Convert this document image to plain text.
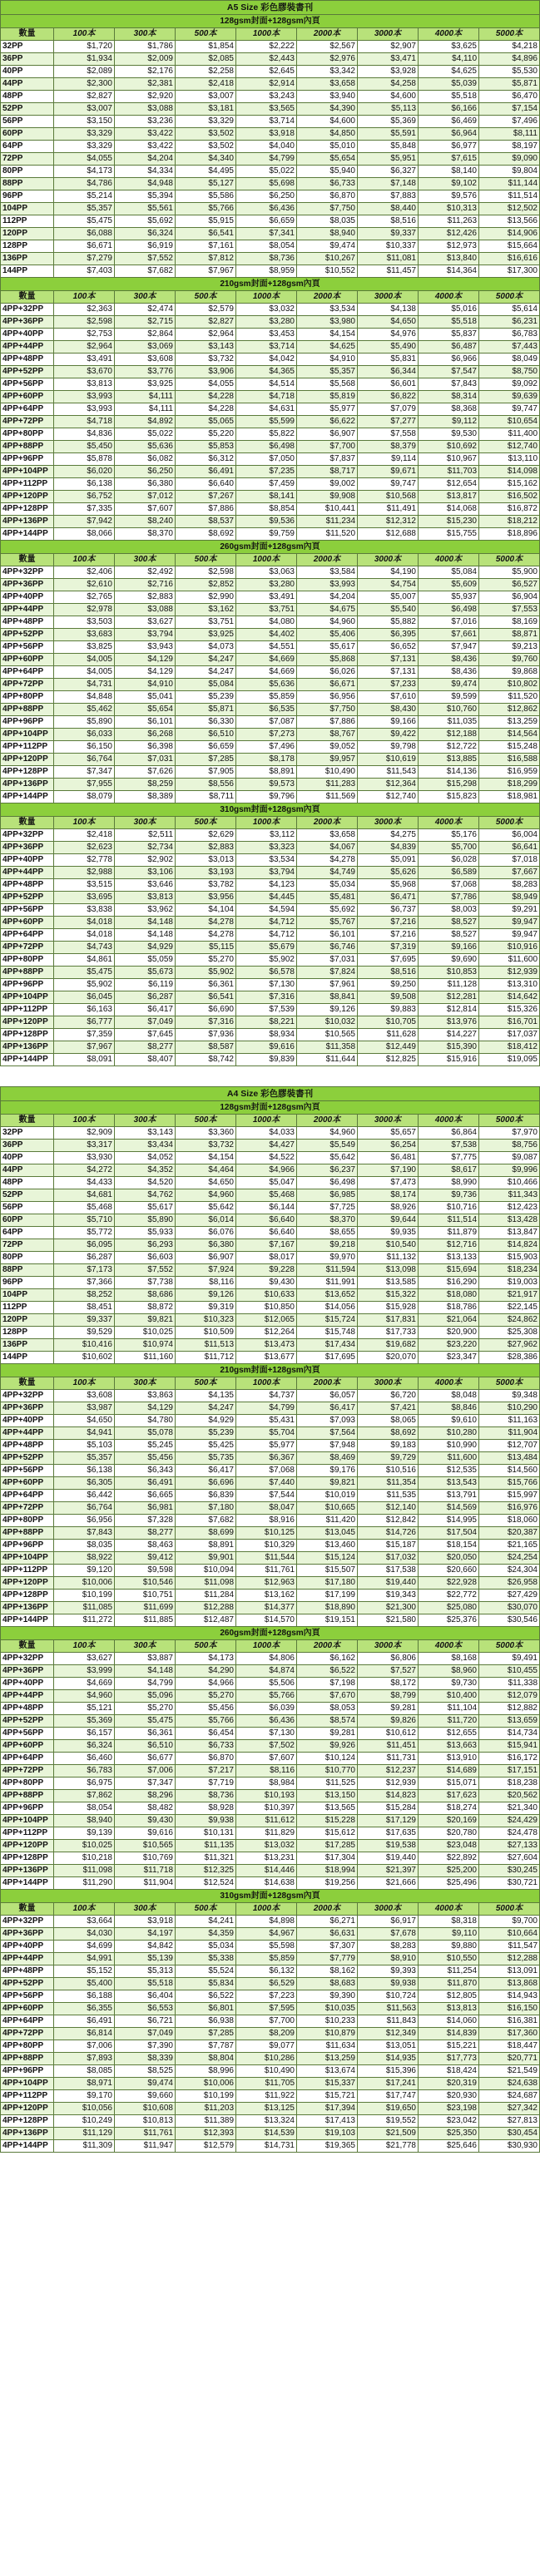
A5 Size 彩色膠裝書刊								
128gsm封面+128gsm內頁								
數量	100本	300本	500本	1000本	2000本	3000本	4000本	5000本
32PP	$1,720	$1,786	$1,854	$2,222	$2,567	$2,907	$3,625	$4,218
36PP	$1,934	$2,009	$2,085	$2,443	$2,976	$3,471	$4,110	$4,896
40PP	$2,089	$2,176	$2,258	$2,645	$3,342	$3,928	$4,625	$5,530
44PP	$2,300	$2,381	$2,418	$2,914	$3,658	$4,258	$5,039	$5,871
48PP	$2,827	$2,920	$3,007	$3,243	$3,940	$4,600	$5,518	$6,470
52PP	$3,007	$3,088	$3,181	$3,565	$4,390	$5,113	$6,166	$7,154
56PP	$3,150	$3,236	$3,329	$3,714	$4,600	$5,369	$6,469	$7,496
60PP	$3,329	$3,422	$3,502	$3,918	$4,850	$5,591	$6,964	$8,111
64PP	$3,329	$3,422	$3,502	$4,040	$5,010	$5,848	$6,977	$8,197
72PP	$4,055	$4,204	$4,340	$4,799	$5,654	$5,951	$7,615	$9,090
80PP	$4,173	$4,334	$4,495	$5,022	$5,940	$6,327	$8,140	$9,804
88PP	$4,786	$4,948	$5,127	$5,698	$6,733	$7,148	$9,102	$11,144
96PP	$5,214	$5,394	$5,586	$6,250	$6,870	$7,883	$9,576	$11,514
104PP	$5,357	$5,561	$5,766	$6,436	$7,750	$8,440	$10,313	$12,502
112PP	$5,475	$5,692	$5,915	$6,659	$8,035	$8,516	$11,263	$13,566
120PP	$6,088	$6,324	$6,541	$7,341	$8,940	$9,337	$12,426	$14,906
128PP	$6,671	$6,919	$7,161	$8,054	$9,474	$10,337	$12,973	$15,664
136PP	$7,279	$7,552	$7,812	$8,736	$10,267	$11,081	$13,840	$16,616
144PP	$7,403	$7,682	$7,967	$8,959	$10,552	$11,457	$14,364	$17,300
210gsm封面+128gsm內頁								
數量	100本	300本	500本	1000本	2000本	3000本	4000本	5000本
4PP+32PP	$2,363	$2,474	$2,579	$3,032	$3,534	$4,138	$5,016	$5,614
4PP+36PP	$2,598	$2,715	$2,827	$3,280	$3,980	$4,650	$5,518	$6,231
4PP+40PP	$2,753	$2,864	$2,964	$3,453	$4,154	$4,976	$5,837	$6,783
4PP+44PP	$2,964	$3,069	$3,143	$3,714	$4,625	$5,490	$6,487	$7,443
4PP+48PP	$3,491	$3,608	$3,732	$4,042	$4,910	$5,831	$6,966	$8,049
4PP+52PP	$3,670	$3,776	$3,906	$4,365	$5,357	$6,344	$7,547	$8,750
4PP+56PP	$3,813	$3,925	$4,055	$4,514	$5,568	$6,601	$7,843	$9,092
4PP+60PP	$3,993	$4,111	$4,228	$4,718	$5,819	$6,822	$8,314	$9,639
4PP+64PP	$3,993	$4,111	$4,228	$4,631	$5,977	$7,079	$8,368	$9,747
4PP+72PP	$4,718	$4,892	$5,065	$5,599	$6,622	$7,277	$9,112	$10,654
4PP+80PP	$4,836	$5,022	$5,220	$5,822	$6,907	$7,558	$9,530	$11,400
4PP+88PP	$5,450	$5,636	$5,853	$6,498	$7,700	$8,379	$10,692	$12,740
4PP+96PP	$5,878	$6,082	$6,312	$7,050	$7,837	$9,114	$10,967	$13,110
4PP+104PP	$6,020	$6,250	$6,491	$7,235	$8,717	$9,671	$11,703	$14,098
4PP+112PP	$6,138	$6,380	$6,640	$7,459	$9,002	$9,747	$12,654	$15,162
4PP+120PP	$6,752	$7,012	$7,267	$8,141	$9,908	$10,568	$13,817	$16,502
4PP+128PP	$7,335	$7,607	$7,886	$8,854	$10,441	$11,491	$14,068	$16,872
4PP+136PP	$7,942	$8,240	$8,537	$9,536	$11,234	$12,312	$15,230	$18,212
4PP+144PP	$8,066	$8,370	$8,692	$9,759	$11,520	$12,688	$15,755	$18,896
260gsm封面+128gsm內頁								
數量	100本	300本	500本	1000本	2000本	3000本	4000本	5000本
4PP+32PP	$2,406	$2,492	$2,598	$3,063	$3,584	$4,190	$5,084	$5,900
4PP+36PP	$2,610	$2,716	$2,852	$3,280	$3,993	$4,754	$5,609	$6,527
4PP+40PP	$2,765	$2,883	$2,990	$3,491	$4,204	$5,007	$5,937	$6,904
4PP+44PP	$2,978	$3,088	$3,162	$3,751	$4,675	$5,540	$6,498	$7,553
4PP+48PP	$3,503	$3,627	$3,751	$4,080	$4,960	$5,882	$7,016	$8,169
4PP+52PP	$3,683	$3,794	$3,925	$4,402	$5,406	$6,395	$7,661	$8,871
4PP+56PP	$3,825	$3,943	$4,073	$4,551	$5,617	$6,652	$7,947	$9,213
4PP+60PP	$4,005	$4,129	$4,247	$4,669	$5,868	$7,131	$8,436	$9,760
4PP+64PP	$4,005	$4,129	$4,247	$4,669	$6,026	$7,131	$8,436	$9,868
4PP+72PP	$4,731	$4,910	$5,084	$5,636	$6,671	$7,233	$9,474	$10,802
4PP+80PP	$4,848	$5,041	$5,239	$5,859	$6,956	$7,610	$9,599	$11,520
4PP+88PP	$5,462	$5,654	$5,871	$6,535	$7,750	$8,430	$10,760	$12,862
4PP+96PP	$5,890	$6,101	$6,330	$7,087	$7,886	$9,166	$11,035	$13,259
4PP+104PP	$6,033	$6,268	$6,510	$7,273	$8,767	$9,422	$12,188	$14,564
4PP+112PP	$6,150	$6,398	$6,659	$7,496	$9,052	$9,798	$12,722	$15,248
4PP+120PP	$6,764	$7,031	$7,285	$8,178	$9,957	$10,619	$13,885	$16,588
4PP+128PP	$7,347	$7,626	$7,905	$8,891	$10,490	$11,543	$14,136	$16,959
4PP+136PP	$7,955	$8,259	$8,556	$9,573	$11,283	$12,364	$15,298	$18,299
4PP+144PP	$8,079	$8,389	$8,711	$9,796	$11,569	$12,740	$15,823	$18,981
310gsm封面+128gsm內頁								
數量	100本	300本	500本	1000本	2000本	3000本	4000本	5000本
4PP+32PP	$2,418	$2,511	$2,629	$3,112	$3,658	$4,275	$5,176	$6,004
4PP+36PP	$2,623	$2,734	$2,883	$3,323	$4,067	$4,839	$5,700	$6,641
4PP+40PP	$2,778	$2,902	$3,013	$3,534	$4,278	$5,091	$6,028	$7,018
4PP+44PP	$2,988	$3,106	$3,193	$3,794	$4,749	$5,626	$6,589	$7,667
4PP+48PP	$3,515	$3,646	$3,782	$4,123	$5,034	$5,968	$7,068	$8,283
4PP+52PP	$3,695	$3,813	$3,956	$4,445	$5,481	$6,471	$7,786	$8,949
4PP+56PP	$3,838	$3,962	$4,104	$4,594	$5,692	$6,737	$8,003	$9,291
4PP+60PP	$4,018	$4,148	$4,278	$4,712	$5,767	$7,216	$8,527	$9,947
4PP+64PP	$4,018	$4,148	$4,278	$4,712	$6,101	$7,216	$8,527	$9,947
4PP+72PP	$4,743	$4,929	$5,115	$5,679	$6,746	$7,319	$9,166	$10,916
4PP+80PP	$4,861	$5,059	$5,270	$5,902	$7,031	$7,695	$9,690	$11,600
4PP+88PP	$5,475	$5,673	$5,902	$6,578	$7,824	$8,516	$10,853	$12,939
4PP+96PP	$5,902	$6,119	$6,361	$7,130	$7,961	$9,250	$11,128	$13,310
4PP+104PP	$6,045	$6,287	$6,541	$7,316	$8,841	$9,508	$12,281	$14,642
4PP+112PP	$6,163	$6,417	$6,690	$7,539	$9,126	$9,883	$12,814	$15,326
4PP+120PP	$6,777	$7,049	$7,316	$8,221	$10,032	$10,705	$13,976	$16,701
4PP+128PP	$7,359	$7,645	$7,936	$8,934	$10,565	$11,628	$14,227	$17,037
4PP+136PP	$7,967	$8,277	$8,587	$9,616	$11,358	$12,449	$15,390	$18,412
4PP+144PP	$8,091	$8,407	$8,742	$9,839	$11,644	$12,825	$15,916	$19,095
A4 Size 彩色膠裝書刊								
128gsm封面+128gsm內頁								
數量	100本	300本	500本	1000本	2000本	3000本	4000本	5000本
32PP	$2,909	$3,143	$3,360	$4,033	$4,960	$5,657	$6,864	$7,970
36PP	$3,317	$3,434	$3,732	$4,427	$5,549	$6,254	$7,538	$8,756
40PP	$3,930	$4,052	$4,154	$4,522	$5,642	$6,481	$7,775	$9,087
44PP	$4,272	$4,352	$4,464	$4,966	$6,237	$7,190	$8,617	$9,996
48PP	$4,433	$4,520	$4,650	$5,047	$6,498	$7,473	$8,990	$10,466
52PP	$4,681	$4,762	$4,960	$5,468	$6,985	$8,174	$9,736	$11,343
56PP	$5,468	$5,617	$5,642	$6,144	$7,725	$8,926	$10,716	$12,423
60PP	$5,710	$5,890	$6,014	$6,640	$8,370	$9,644	$11,514	$13,428
64PP	$5,772	$5,933	$6,076	$6,640	$8,655	$9,935	$11,879	$13,847
72PP	$6,095	$6,293	$6,380	$7,167	$9,218	$10,540	$12,716	$14,824
80PP	$6,287	$6,603	$6,907	$8,017	$9,970	$11,132	$13,133	$15,903
88PP	$7,173	$7,552	$7,924	$9,228	$11,594	$13,098	$15,694	$18,234
96PP	$7,366	$7,738	$8,116	$9,430	$11,991	$13,585	$16,290	$19,003
104PP	$8,252	$8,686	$9,126	$10,633	$13,652	$15,322	$18,080	$21,917
112PP	$8,451	$8,872	$9,319	$10,850	$14,056	$15,928	$18,786	$22,145
120PP	$9,337	$9,821	$10,323	$12,065	$15,724	$17,831	$21,064	$24,862
128PP	$9,529	$10,025	$10,509	$12,264	$15,748	$17,733	$20,900	$25,308
136PP	$10,416	$10,974	$11,513	$13,473	$17,434	$19,682	$23,220	$27,962
144PP	$10,602	$11,160	$11,712	$13,677	$17,695	$20,070	$23,347	$28,386
210gsm封面+128gsm內頁								
數量	100本	300本	500本	1000本	2000本	3000本	4000本	5000本
4PP+32PP	$3,608	$3,863	$4,135	$4,737	$6,057	$6,720	$8,048	$9,348
4PP+36PP	$3,987	$4,129	$4,247	$4,799	$6,417	$7,421	$8,846	$10,290
4PP+40PP	$4,650	$4,780	$4,929	$5,431	$7,093	$8,065	$9,610	$11,163
4PP+44PP	$4,941	$5,078	$5,239	$5,704	$7,564	$8,692	$10,280	$11,904
4PP+48PP	$5,103	$5,245	$5,425	$5,977	$7,948	$9,183	$10,990	$12,707
4PP+52PP	$5,357	$5,456	$5,735	$6,367	$8,469	$9,729	$11,600	$13,484
4PP+56PP	$6,138	$6,343	$6,417	$7,068	$9,176	$10,516	$12,535	$14,560
4PP+60PP	$6,305	$6,491	$6,696	$7,440	$9,821	$11,354	$13,543	$15,766
4PP+64PP	$6,442	$6,665	$6,839	$7,544	$10,019	$11,535	$13,791	$15,997
4PP+72PP	$6,764	$6,981	$7,180	$8,047	$10,665	$12,140	$14,569	$16,976
4PP+80PP	$6,956	$7,328	$7,682	$8,916	$11,420	$12,842	$14,995	$18,060
4PP+88PP	$7,843	$8,277	$8,699	$10,125	$13,045	$14,726	$17,504	$20,387
4PP+96PP	$8,035	$8,463	$8,891	$10,329	$13,460	$15,187	$18,154	$21,165
4PP+104PP	$8,922	$9,412	$9,901	$11,544	$15,124	$17,032	$20,050	$24,254
4PP+112PP	$9,120	$9,598	$10,094	$11,761	$15,507	$17,538	$20,660	$24,304
4PP+120PP	$10,006	$10,546	$11,098	$12,963	$17,180	$19,440	$22,928	$26,958
4PP+128PP	$10,199	$10,751	$11,284	$13,162	$17,199	$19,343	$22,772	$27,429
4PP+136PP	$11,085	$11,699	$12,288	$14,377	$18,890	$21,300	$25,080	$30,070
4PP+144PP	$11,272	$11,885	$12,487	$14,570	$19,151	$21,580	$25,376	$30,546
260gsm封面+128gsm內頁								
數量	100本	300本	500本	1000本	2000本	3000本	4000本	5000本
4PP+32PP	$3,627	$3,887	$4,173	$4,806	$6,162	$6,806	$8,168	$9,491
4PP+36PP	$3,999	$4,148	$4,290	$4,874	$6,522	$7,527	$8,960	$10,455
4PP+40PP	$4,669	$4,799	$4,966	$5,506	$7,198	$8,172	$9,730	$11,338
4PP+44PP	$4,960	$5,096	$5,270	$5,766	$7,670	$8,799	$10,400	$12,079
4PP+48PP	$5,121	$5,270	$5,456	$6,039	$8,053	$9,281	$11,104	$12,882
4PP+52PP	$5,369	$5,475	$5,766	$6,436	$8,574	$9,826	$11,720	$13,659
4PP+56PP	$6,157	$6,361	$6,454	$7,130	$9,281	$10,612	$12,655	$14,734
4PP+60PP	$6,324	$6,510	$6,733	$7,502	$9,926	$11,451	$13,663	$15,941
4PP+64PP	$6,460	$6,677	$6,870	$7,607	$10,124	$11,731	$13,910	$16,172
4PP+72PP	$6,783	$7,006	$7,217	$8,116	$10,770	$12,237	$14,689	$17,151
4PP+80PP	$6,975	$7,347	$7,719	$8,984	$11,525	$12,939	$15,071	$18,238
4PP+88PP	$7,862	$8,296	$8,736	$10,193	$13,150	$14,823	$17,623	$20,562
4PP+96PP	$8,054	$8,482	$8,928	$10,397	$13,565	$15,284	$18,274	$21,340
4PP+104PP	$8,940	$9,430	$9,938	$11,612	$15,228	$17,129	$20,169	$24,429
4PP+112PP	$9,139	$9,616	$10,131	$11,829	$15,612	$17,635	$20,780	$24,478
4PP+120PP	$10,025	$10,565	$11,135	$13,032	$17,285	$19,538	$23,048	$27,133
4PP+128PP	$10,218	$10,769	$11,321	$13,231	$17,304	$19,440	$22,892	$27,604
4PP+136PP	$11,098	$11,718	$12,325	$14,446	$18,994	$21,397	$25,200	$30,245
4PP+144PP	$11,290	$11,904	$12,524	$14,638	$19,256	$21,666	$25,496	$30,721
310gsm封面+128gsm內頁								
數量	100本	300本	500本	1000本	2000本	3000本	4000本	5000本
4PP+32PP	$3,664	$3,918	$4,241	$4,898	$6,271	$6,917	$8,318	$9,700
4PP+36PP	$4,030	$4,197	$4,359	$4,967	$6,631	$7,678	$9,110	$10,664
4PP+40PP	$4,699	$4,842	$5,034	$5,598	$7,307	$8,283	$9,880	$11,547
4PP+44PP	$4,991	$5,139	$5,338	$5,859	$7,779	$8,910	$10,550	$12,288
4PP+48PP	$5,152	$5,313	$5,524	$6,132	$8,162	$9,393	$11,254	$13,091
4PP+52PP	$5,400	$5,518	$5,834	$6,529	$8,683	$9,938	$11,870	$13,868
4PP+56PP	$6,188	$6,404	$6,522	$7,223	$9,390	$10,724	$12,805	$14,943
4PP+60PP	$6,355	$6,553	$6,801	$7,595	$10,035	$11,563	$13,813	$16,150
4PP+64PP	$6,491	$6,721	$6,938	$7,700	$10,233	$11,843	$14,060	$16,381
4PP+72PP	$6,814	$7,049	$7,285	$8,209	$10,879	$12,349	$14,839	$17,360
4PP+80PP	$7,006	$7,390	$7,787	$9,077	$11,634	$13,051	$15,221	$18,447
4PP+88PP	$7,893	$8,339	$8,804	$10,286	$13,259	$14,935	$17,773	$20,771
4PP+96PP	$8,085	$8,525	$8,996	$10,490	$13,674	$15,396	$18,424	$21,549
4PP+104PP	$8,971	$9,474	$10,006	$11,705	$15,337	$17,241	$20,319	$24,638
4PP+112PP	$9,170	$9,660	$10,199	$11,922	$15,721	$17,747	$20,930	$24,687
4PP+120PP	$10,056	$10,608	$11,203	$13,125	$17,394	$19,650	$23,198	$27,342
4PP+128PP	$10,249	$10,813	$11,389	$13,324	$17,413	$19,552	$23,042	$27,813
4PP+136PP	$11,129	$11,761	$12,393	$14,539	$19,103	$21,509	$25,350	$30,454
4PP+144PP	$11,309	$11,947	$12,579	$14,731	$19,365	$21,778	$25,646	$30,930
